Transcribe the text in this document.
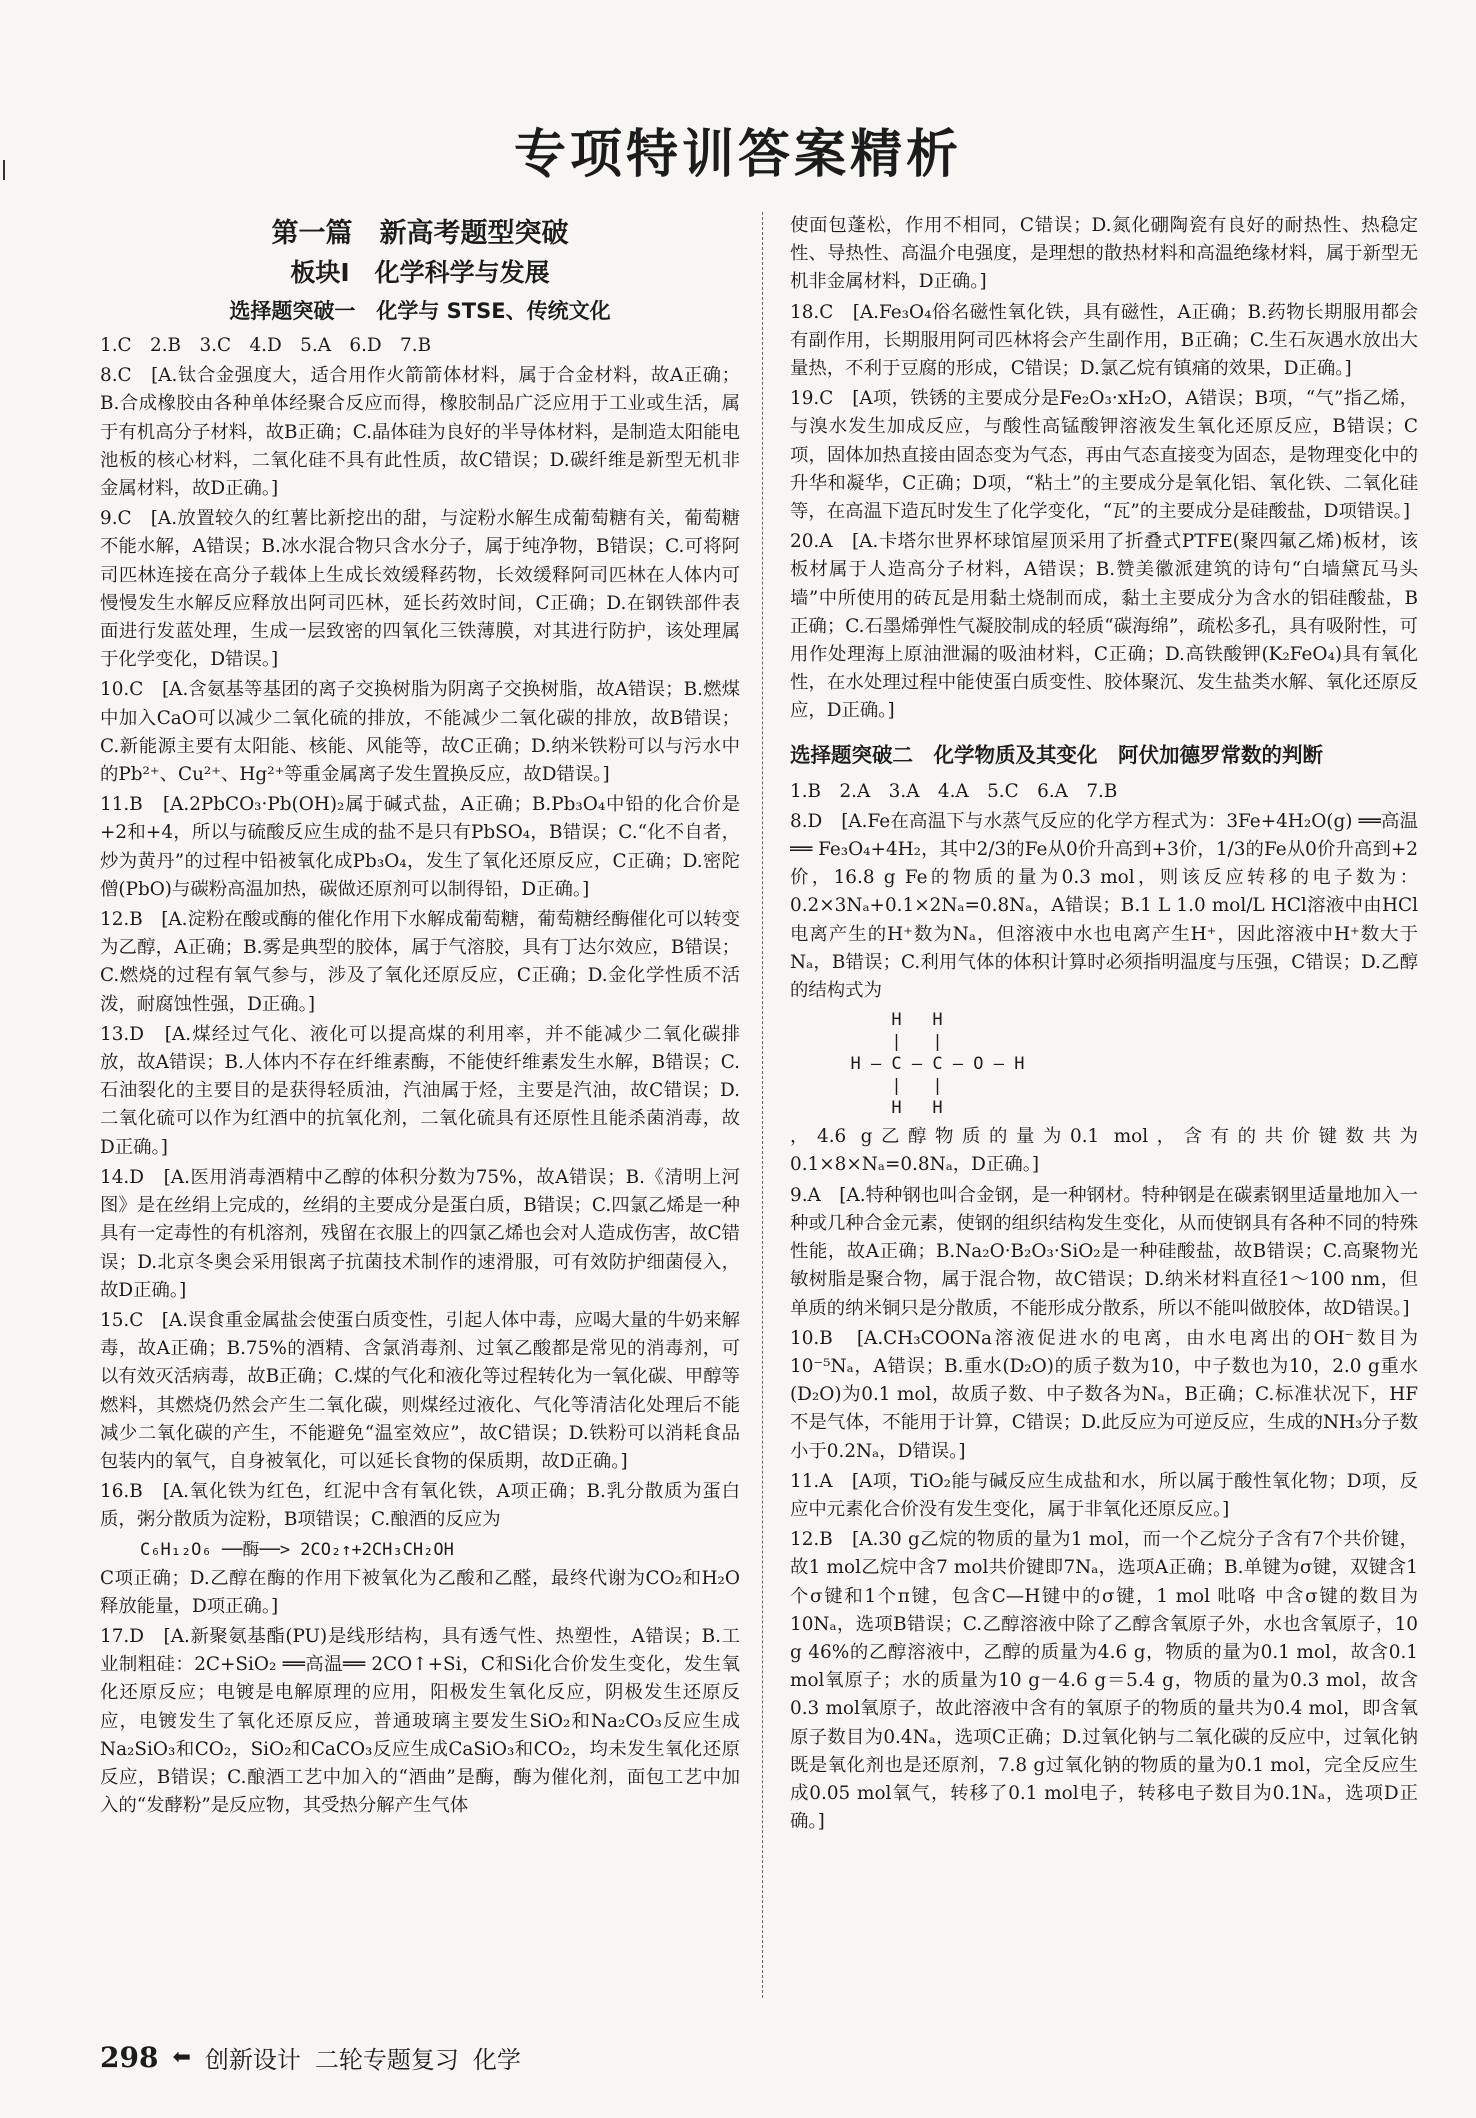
专项特训答案精析
第一篇　新高考题型突破
板块Ⅰ　化学科学与发展
选择题突破一　化学与 STSE、传统文化

1.C　2.B　3.C　4.D　5.A　6.D　7.B

8.C　[A.钛合金强度大，适合用作火箭箭体材料，属于合金材料，故A正确；B.合成橡胶由各种单体经聚合反应而得，橡胶制品广泛应用于工业或生活，属于有机高分子材料，故B正确；C.晶体硅为良好的半导体材料，是制造太阳能电池板的核心材料，二氧化硅不具有此性质，故C错误；D.碳纤维是新型无机非金属材料，故D正确。]

9.C　[A.放置较久的红薯比新挖出的甜，与淀粉水解生成葡萄糖有关，葡萄糖不能水解，A错误；B.冰水混合物只含水分子，属于纯净物，B错误；C.可将阿司匹林连接在高分子载体上生成长效缓释药物，长效缓释阿司匹林在人体内可慢慢发生水解反应释放出阿司匹林，延长药效时间，C正确；D.在钢铁部件表面进行发蓝处理，生成一层致密的四氧化三铁薄膜，对其进行防护，该处理属于化学变化，D错误。]

10.C　[A.含氨基等基团的离子交换树脂为阴离子交换树脂，故A错误；B.燃煤中加入CaO可以减少二氧化硫的排放，不能减少二氧化碳的排放，故B错误；C.新能源主要有太阳能、核能、风能等，故C正确；D.纳米铁粉可以与污水中的Pb²⁺、Cu²⁺、Hg²⁺等重金属离子发生置换反应，故D错误。]

11.B　[A.2PbCO₃·Pb(OH)₂属于碱式盐，A正确；B.Pb₃O₄中铅的化合价是+2和+4，所以与硫酸反应生成的盐不是只有PbSO₄，B错误；C.“化不自者，炒为黄丹”的过程中铅被氧化成Pb₃O₄，发生了氧化还原反应，C正确；D.密陀僧(PbO)与碳粉高温加热，碳做还原剂可以制得铅，D正确。]

12.B　[A.淀粉在酸或酶的催化作用下水解成葡萄糖，葡萄糖经酶催化可以转变为乙醇，A正确；B.雾是典型的胶体，属于气溶胶，具有丁达尔效应，B错误；C.燃烧的过程有氧气参与，涉及了氧化还原反应，C正确；D.金化学性质不活泼，耐腐蚀性强，D正确。]

13.D　[A.煤经过气化、液化可以提高煤的利用率，并不能减少二氧化碳排放，故A错误；B.人体内不存在纤维素酶，不能使纤维素发生水解，B错误；C.石油裂化的主要目的是获得轻质油，汽油属于烃，主要是汽油，故C错误；D.二氧化硫可以作为红酒中的抗氧化剂，二氧化硫具有还原性且能杀菌消毒，故D正确。]

14.D　[A.医用消毒酒精中乙醇的体积分数为75%，故A错误；B.《清明上河图》是在丝绢上完成的，丝绢的主要成分是蛋白质，B错误；C.四氯乙烯是一种具有一定毒性的有机溶剂，残留在衣服上的四氯乙烯也会对人造成伤害，故C错误；D.北京冬奥会采用银离子抗菌技术制作的速滑服，可有效防护细菌侵入，故D正确。]

15.C　[A.误食重金属盐会使蛋白质变性，引起人体中毒，应喝大量的牛奶来解毒，故A正确；B.75%的酒精、含氯消毒剂、过氧乙酸都是常见的消毒剂，可以有效灭活病毒，故B正确；C.煤的气化和液化等过程转化为一氧化碳、甲醇等燃料，其燃烧仍然会产生二氧化碳，则煤经过液化、气化等清洁化处理后不能减少二氧化碳的产生，不能避免“温室效应”，故C错误；D.铁粉可以消耗食品包装内的氧气，自身被氧化，可以延长食物的保质期，故D正确。]

16.B　[A.氧化铁为红色，红泥中含有氧化铁，A项正确；B.乳分散质为蛋白质，粥分散质为淀粉，B项错误；C.酿酒的反应为

C₆H₁₂O₆ ──酶──> 2CO₂↑+2CH₃CH₂OH

C项正确；D.乙醇在酶的作用下被氧化为乙酸和乙醛，最终代谢为CO₂和H₂O释放能量，D项正确。]

17.D　[A.新聚氨基酯(PU)是线形结构，具有透气性、热塑性，A错误；B.工业制粗硅：2C+SiO₂ ══高温══ 2CO↑+Si，C和Si化合价发生变化，发生氧化还原反应；电镀是电解原理的应用，阳极发生氧化反应，阴极发生还原反应，电镀发生了氧化还原反应，普通玻璃主要发生SiO₂和Na₂CO₃反应生成Na₂SiO₃和CO₂，SiO₂和CaCO₃反应生成CaSiO₃和CO₂，均未发生氧化还原反应，B错误；C.酿酒工艺中加入的“酒曲”是酶，酶为催化剂，面包工艺中加入的“发酵粉”是反应物，其受热分解产生气体

使面包蓬松，作用不相同，C错误；D.氮化硼陶瓷有良好的耐热性、热稳定性、导热性、高温介电强度，是理想的散热材料和高温绝缘材料，属于新型无机非金属材料，D正确。]

18.C　[A.Fe₃O₄俗名磁性氧化铁，具有磁性，A正确；B.药物长期服用都会有副作用，长期服用阿司匹林将会产生副作用，B正确；C.生石灰遇水放出大量热，不利于豆腐的形成，C错误；D.氯乙烷有镇痛的效果，D正确。]

19.C　[A项，铁锈的主要成分是Fe₂O₃·xH₂O，A错误；B项，“气”指乙烯，与溴水发生加成反应，与酸性高锰酸钾溶液发生氧化还原反应，B错误；C项，固体加热直接由固态变为气态，再由气态直接变为固态，是物理变化中的升华和凝华，C正确；D项，“粘土”的主要成分是氧化铝、氧化铁、二氧化硅等，在高温下造瓦时发生了化学变化，“瓦”的主要成分是硅酸盐，D项错误。]

20.A　[A.卡塔尔世界杯球馆屋顶采用了折叠式PTFE(聚四氟乙烯)板材，该板材属于人造高分子材料，A错误；B.赞美徽派建筑的诗句“白墙黛瓦马头墙”中所使用的砖瓦是用黏土烧制而成，黏土主要成分为含水的铝硅酸盐，B正确；C.石墨烯弹性气凝胶制成的轻质“碳海绵”，疏松多孔，具有吸附性，可用作处理海上原油泄漏的吸油材料，C正确；D.高铁酸钾(K₂FeO₄)具有氧化性，在水处理过程中能使蛋白质变性、胶体聚沉、发生盐类水解、氧化还原反应，D正确。]

选择题突破二　化学物质及其变化　阿伏加德罗常数的判断

1.B　2.A　3.A　4.A　5.C　6.A　7.B

8.D　[A.Fe在高温下与水蒸气反应的化学方程式为：3Fe+4H₂O(g) ══高温══ Fe₃O₄+4H₂，其中2/3的Fe从0价升高到+3价，1/3的Fe从0价升高到+2价，16.8 g Fe的物质的量为0.3 mol，则该反应转移的电子数为：0.2×3Nₐ+0.1×2Nₐ=0.8Nₐ，A错误；B.1 L 1.0 mol/L HCl溶液中由HCl电离产生的H⁺数为Nₐ，但溶液中水也电离产生H⁺，因此溶液中H⁺数大于Nₐ，B错误；C.利用气体的体积计算时必须指明温度与压强，C错误；D.乙醇的结构式为

H   H
|   |
H — C — C — O — H
|   |
H   H

，4.6 g乙醇物质的量为0.1 mol，含有的共价键数共为0.1×8×Nₐ=0.8Nₐ，D正确。]

9.A　[A.特种钢也叫合金钢，是一种钢材。特种钢是在碳素钢里适量地加入一种或几种合金元素，使钢的组织结构发生变化，从而使钢具有各种不同的特殊性能，故A正确；B.Na₂O·B₂O₃·SiO₂是一种硅酸盐，故B错误；C.高聚物光敏树脂是聚合物，属于混合物，故C错误；D.纳米材料直径1～100 nm，但单质的纳米铜只是分散质，不能形成分散系，所以不能叫做胶体，故D错误。]

10.B　[A.CH₃COONa溶液促进水的电离，由水电离出的OH⁻数目为10⁻⁵Nₐ，A错误；B.重水(D₂O)的质子数为10，中子数也为10，2.0 g重水(D₂O)为0.1 mol，故质子数、中子数各为Nₐ，B正确；C.标准状况下，HF不是气体，不能用于计算，C错误；D.此反应为可逆反应，生成的NH₃分子数小于0.2Nₐ，D错误。]

11.A　[A项，TiO₂能与碱反应生成盐和水，所以属于酸性氧化物；D项，反应中元素化合价没有发生变化，属于非氧化还原反应。]

12.B　[A.30 g乙烷的物质的量为1 mol，而一个乙烷分子含有7个共价键，故1 mol乙烷中含7 mol共价键即7Nₐ，选项A正确；B.单键为σ键，双键含1个σ键和1个π键，包含C—H键中的σ键，1 mol 吡咯 中含σ键的数目为10Nₐ，选项B错误；C.乙醇溶液中除了乙醇含氧原子外，水也含氧原子，10 g 46%的乙醇溶液中，乙醇的质量为4.6 g，物质的量为0.1 mol，故含0.1 mol氧原子；水的质量为10 g－4.6 g＝5.4 g，物质的量为0.3 mol，故含0.3 mol氧原子，故此溶液中含有的氧原子的物质的量共为0.4 mol，即含氧原子数目为0.4Nₐ，选项C正确；D.过氧化钠与二氧化碳的反应中，过氧化钠既是氧化剂也是还原剂，7.8 g过氧化钠的物质的量为0.1 mol，完全反应生成0.05 mol氧气，转移了0.1 mol电子，转移电子数目为0.1Nₐ，选项D正确。]

298 ⬅ 创新设计 二轮专题复习 化学
